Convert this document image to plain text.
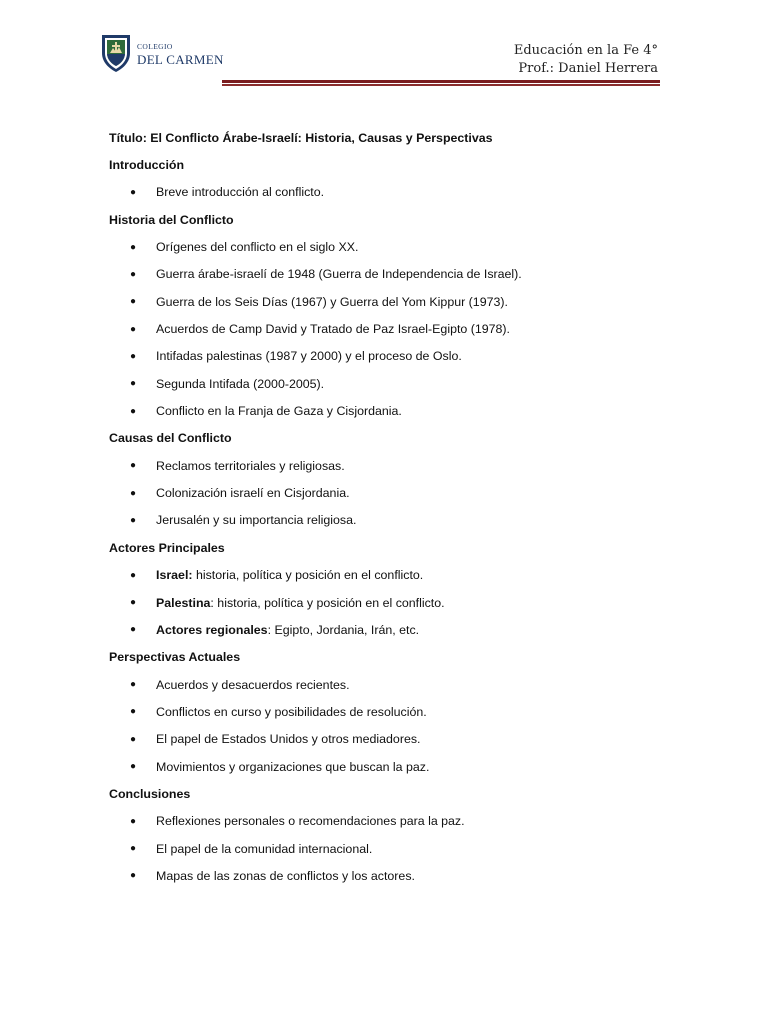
COLEGIO
DEL CARMEN
Educación en la Fe 4°
Prof.: Daniel Herrera
Título: El Conflicto Árabe-Israelí: Historia, Causas y Perspectivas
Introducción
●	Breve introducción al conflicto.
Historia del Conflicto
●	Orígenes del conflicto en el siglo XX.
●	Guerra árabe-israelí de 1948 (Guerra de Independencia de Israel).
●	Guerra de los Seis Días (1967) y Guerra del Yom Kippur (1973).
●	Acuerdos de Camp David y Tratado de Paz Israel-Egipto (1978).
●	Intifadas palestinas (1987 y 2000) y el proceso de Oslo.
●	Segunda Intifada (2000-2005).
●	Conflicto en la Franja de Gaza y Cisjordania.
Causas del Conflicto
●	Reclamos territoriales y religiosas.
●	Colonización israelí en Cisjordania.
●	Jerusalén y su importancia religiosa.
Actores Principales
●	Israel: historia, política y posición en el conflicto.
●	Palestina : historia, política y posición en el conflicto.
●	Actores regionales : Egipto, Jordania, Irán, etc.
Perspectivas Actuales
●	Acuerdos y desacuerdos recientes.
●	Conflictos en curso y posibilidades de resolución.
●	El papel de Estados Unidos y otros mediadores.
●	Movimientos y organizaciones que buscan la paz.
Conclusiones
●	Reflexiones personales o recomendaciones para la paz.
●	El papel de la comunidad internacional.
●	Mapas de las zonas de conflictos y los actores.
